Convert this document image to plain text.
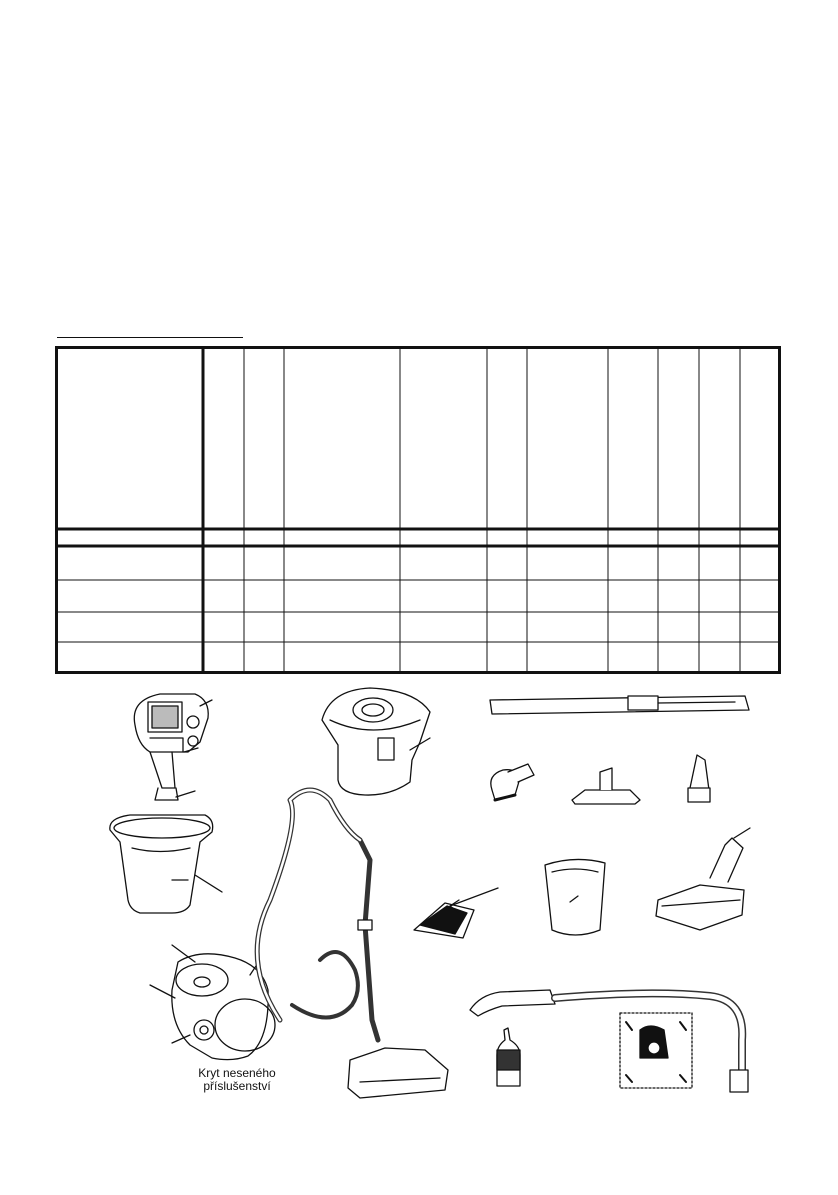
Kryt neseného
příslušenství
